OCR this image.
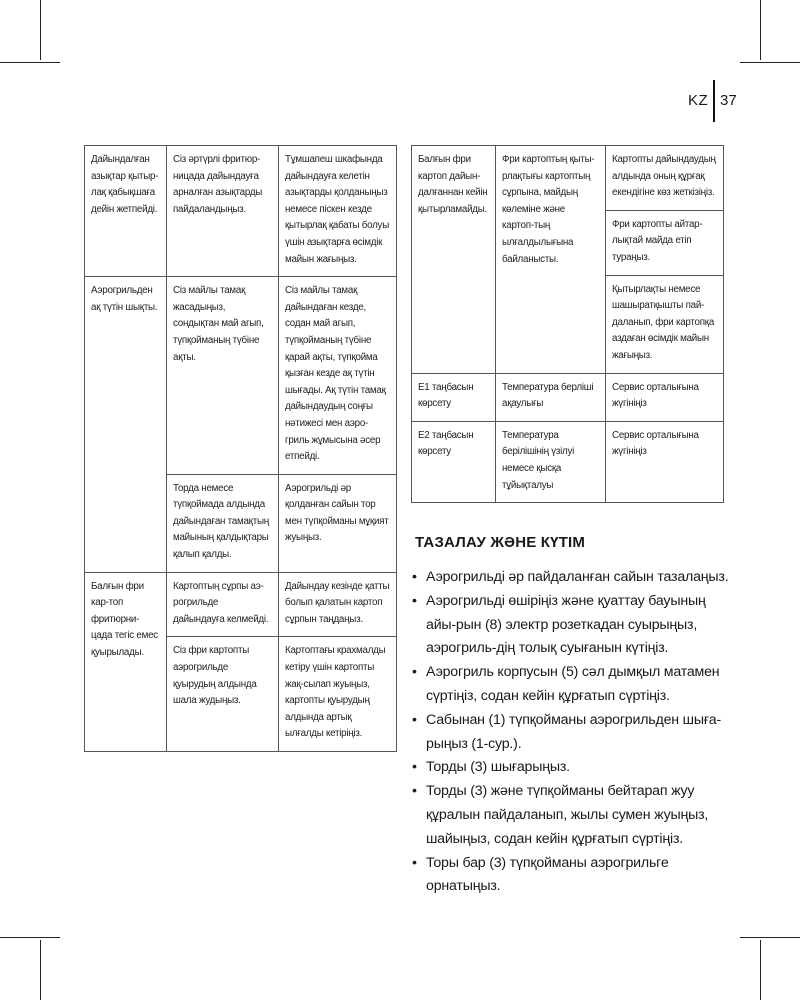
KZ 37
Дайындалған азықтар қытыр-лақ қабықшаға дейін жетпейді.	Сіз әртүрлі фритюр-ницада дайындауға арналған азықтарды пайдаландыңыз.	Тұмшапеш шкафында дайындауға келетін азықтарды қолданыңыз немесе піскен кезде қытырлақ қабаты болуы үшін азықтарға өсімдік майын жағыңыз.
Аэрогрильден ақ түтін шықты.	Сіз майлы тамақ жасадыңыз, сондықтан май агып, түпқойманың түбіне ақты.	Сіз майлы тамақ дайындаған кезде, содан май агып, түпқойманың түбіне қарай ақты, түпқойма қызған кезде ақ түтін шығады. Ақ түтін тамақ дайындаудың соңғы нәтижесі мен аэро-гриль жұмысына әсер етпейді.
	Торда немесе түпқоймада алдында дайындаған тамақтың майының қалдықтары қалып қалды.	Аэрогрильді әр қолданған сайын тор мен түпқойманы мұқият жуыңыз.
Балғын фри кар-топ фритюрни-цада тегіс емес қуырылады.	Картоптың сұрпы аэ-рогрильде дайындауға келмейді.	Дайындау кезінде қатты болып қалатын картоп сұрпын таңдаңыз.
	Сіз фри картопты аэрогрильде қуырудың алдында шала жудыңыз.	Картоптағы крахмалды кетіру үшін картопты жақ-сылап жуыңыз, картопты қуырудың алдында артық ылғалды кетіріңіз.
Балғын фри картоп дайын-далғаннан кейін қытырламайды.	Фри картоптың қыты-рлақтығы картоптың сұрпына, майдың көлеміне және картоп-тың ылғалдылығына байланысты.	Картопты дайындаудың алдында оның құрғақ екендігіне көз жеткізіңіз.
		Фри картопты айтар-лықтай майда етіп тураңыз.
		Қытырлақты немесе шашыратқышты пай-даланып, фри картопқа аздаған өсімдік майын жағыңыз.
E1 таңбасын көрсету	Температура берліші ақаулығы	Сервис орталығына жүгініңіз
E2 таңбасын көрсету	Температура берілішінің үзілуі немесе қысқа тұйықталуы	Сервис орталығына жүгініңіз
ТАЗАЛАУ ЖӘНЕ КҮТІМ
• Аэрогрильді әр пайдаланған сайын тазалаңыз.
• Аэрогрильді өшіріңіз және қуаттау бауының айы-рын (8) электр розеткадан суырыңыз, аэрогриль-дің толық суығанын күтіңіз.
• Аэрогриль корпусын (5) сәл дымқыл матамен сүртіңіз, содан кейін құрғатып сүртіңіз.
• Сабынан (1) түпқойманы аэрогрильден шыға-рыңыз (1-сур.).
• Торды (3) шығарыңыз.
• Торды (3) және түпқойманы бейтарап жуу құралын пайдаланып, жылы сумен жуыңыз, шайыңыз, содан кейін құрғатып сүртіңіз.
• Торы бар (3) түпқойманы аэрогрильге орнатыңыз.
